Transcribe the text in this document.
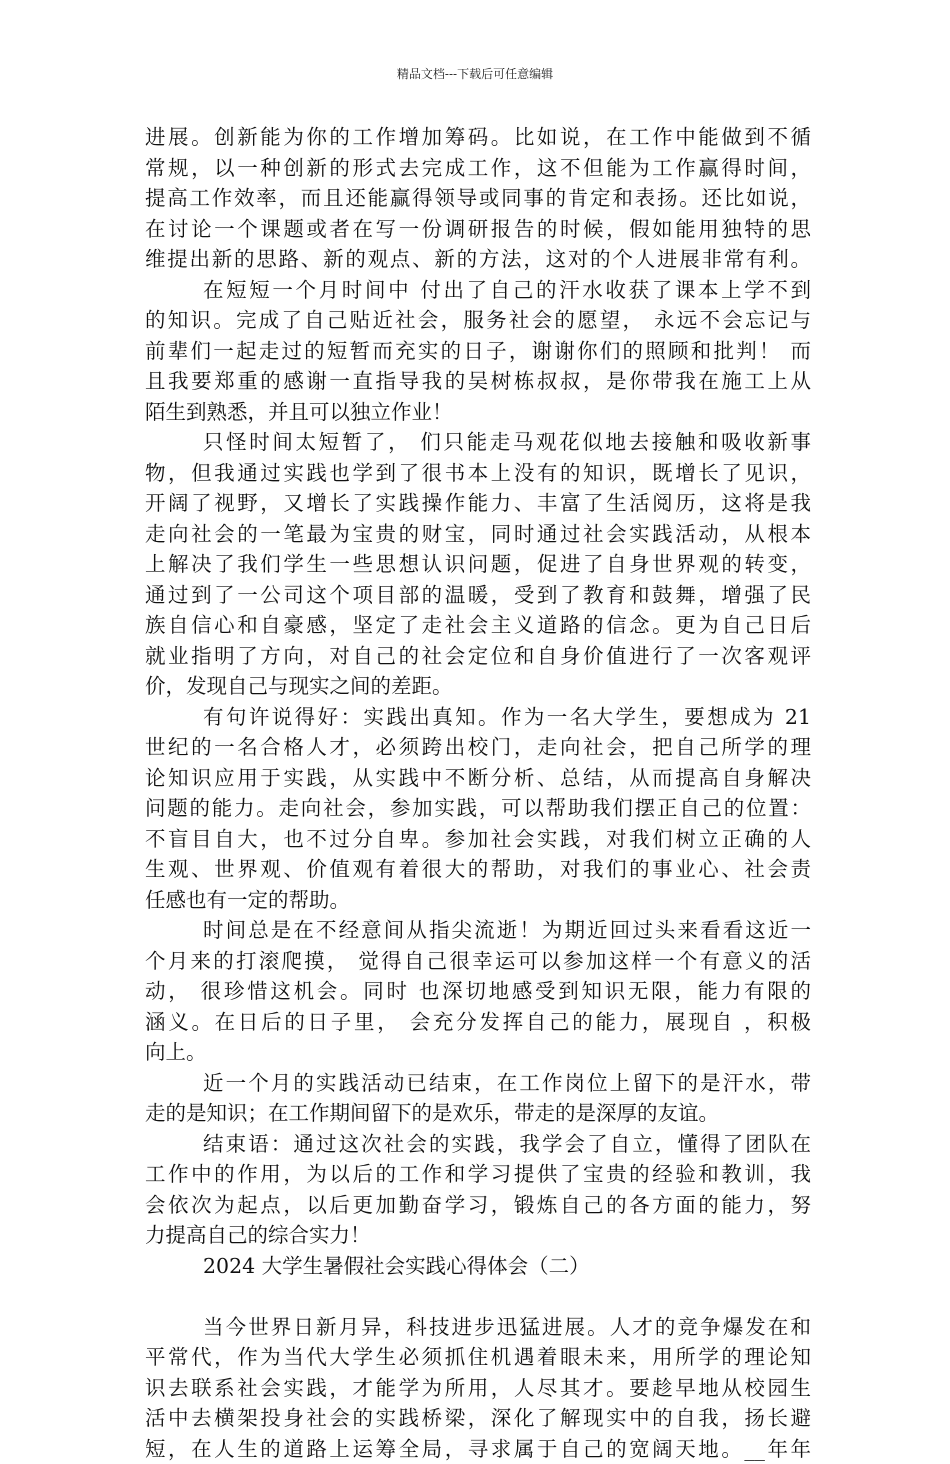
精品文档---下载后可任意编辑
进展。创新能为你的工作增加筹码。比如说，在工作中能做到不循
常规，以一种创新的形式去完成工作，这不但能为工作赢得时间，
提高工作效率，而且还能赢得领导或同事的肯定和表扬。还比如说，
在讨论一个课题或者在写一份调研报告的时候，假如能用独特的思
维提出新的思路、新的观点、新的方法，这对的个人进展非常有利。
在短短一个月时间中 付出了自己的汗水收获了课本上学不到
的知识。完成了自己贴近社会，服务社会的愿望， 永远不会忘记与
前辈们一起走过的短暂而充实的日子，谢谢你们的照顾和批判！ 而
且我要郑重的感谢一直指导我的吴树栋叔叔，是你带我在施工上从
陌生到熟悉，并且可以独立作业！
只怪时间太短暂了， 们只能走马观花似地去接触和吸收新事
物，但我通过实践也学到了很书本上没有的知识，既增长了见识，
开阔了视野，又增长了实践操作能力、丰富了生活阅历，这将是我
走向社会的一笔最为宝贵的财宝，同时通过社会实践活动，从根本
上解决了我们学生一些思想认识问题，促进了自身世界观的转变，
通过到了一公司这个项目部的温暖，受到了教育和鼓舞，增强了民
族自信心和自豪感，坚定了走社会主义道路的信念。更为自己日后
就业指明了方向，对自己的社会定位和自身价值进行了一次客观评
价，发现自己与现实之间的差距。
有句许说得好：实践出真知。作为一名大学生，要想成为 21
世纪的一名合格人才，必须跨出校门，走向社会，把自己所学的理
论知识应用于实践，从实践中不断分析、总结，从而提高自身解决
问题的能力。走向社会，参加实践，可以帮助我们摆正自己的位置：
不盲目自大，也不过分自卑。参加社会实践，对我们树立正确的人
生观、世界观、价值观有着很大的帮助，对我们的事业心、社会责
任感也有一定的帮助。
时间总是在不经意间从指尖流逝！为期近回过头来看看这近一
个月来的打滚爬摸， 觉得自己很幸运可以参加这样一个有意义的活
动， 很珍惜这机会。同时 也深切地感受到知识无限，能力有限的
涵义。在日后的日子里， 会充分发挥自己的能力，展现自 ，积极
向上。
近一个月的实践活动已结束，在工作岗位上留下的是汗水，带
走的是知识；在工作期间留下的是欢乐，带走的是深厚的友谊。
结束语：通过这次社会的实践，我学会了自立，懂得了团队在
工作中的作用，为以后的工作和学习提供了宝贵的经验和教训，我
会依次为起点，以后更加勤奋学习，锻炼自己的各方面的能力，努
力提高自己的综合实力！
2024 大学生暑假社会实践心得体会（二）
当今世界日新月异，科技进步迅猛进展。人才的竞争爆发在和
平常代，作为当代大学生必须抓住机遇着眼未来，用所学的理论知
识去联系社会实践，才能学为所用，人尽其才。要趁早地从校园生
活中去横架投身社会的实践桥梁，深化了解现实中的自我，扬长避
短，在人生的道路上运筹全局，寻求属于自己的宽阔天地。__年年
